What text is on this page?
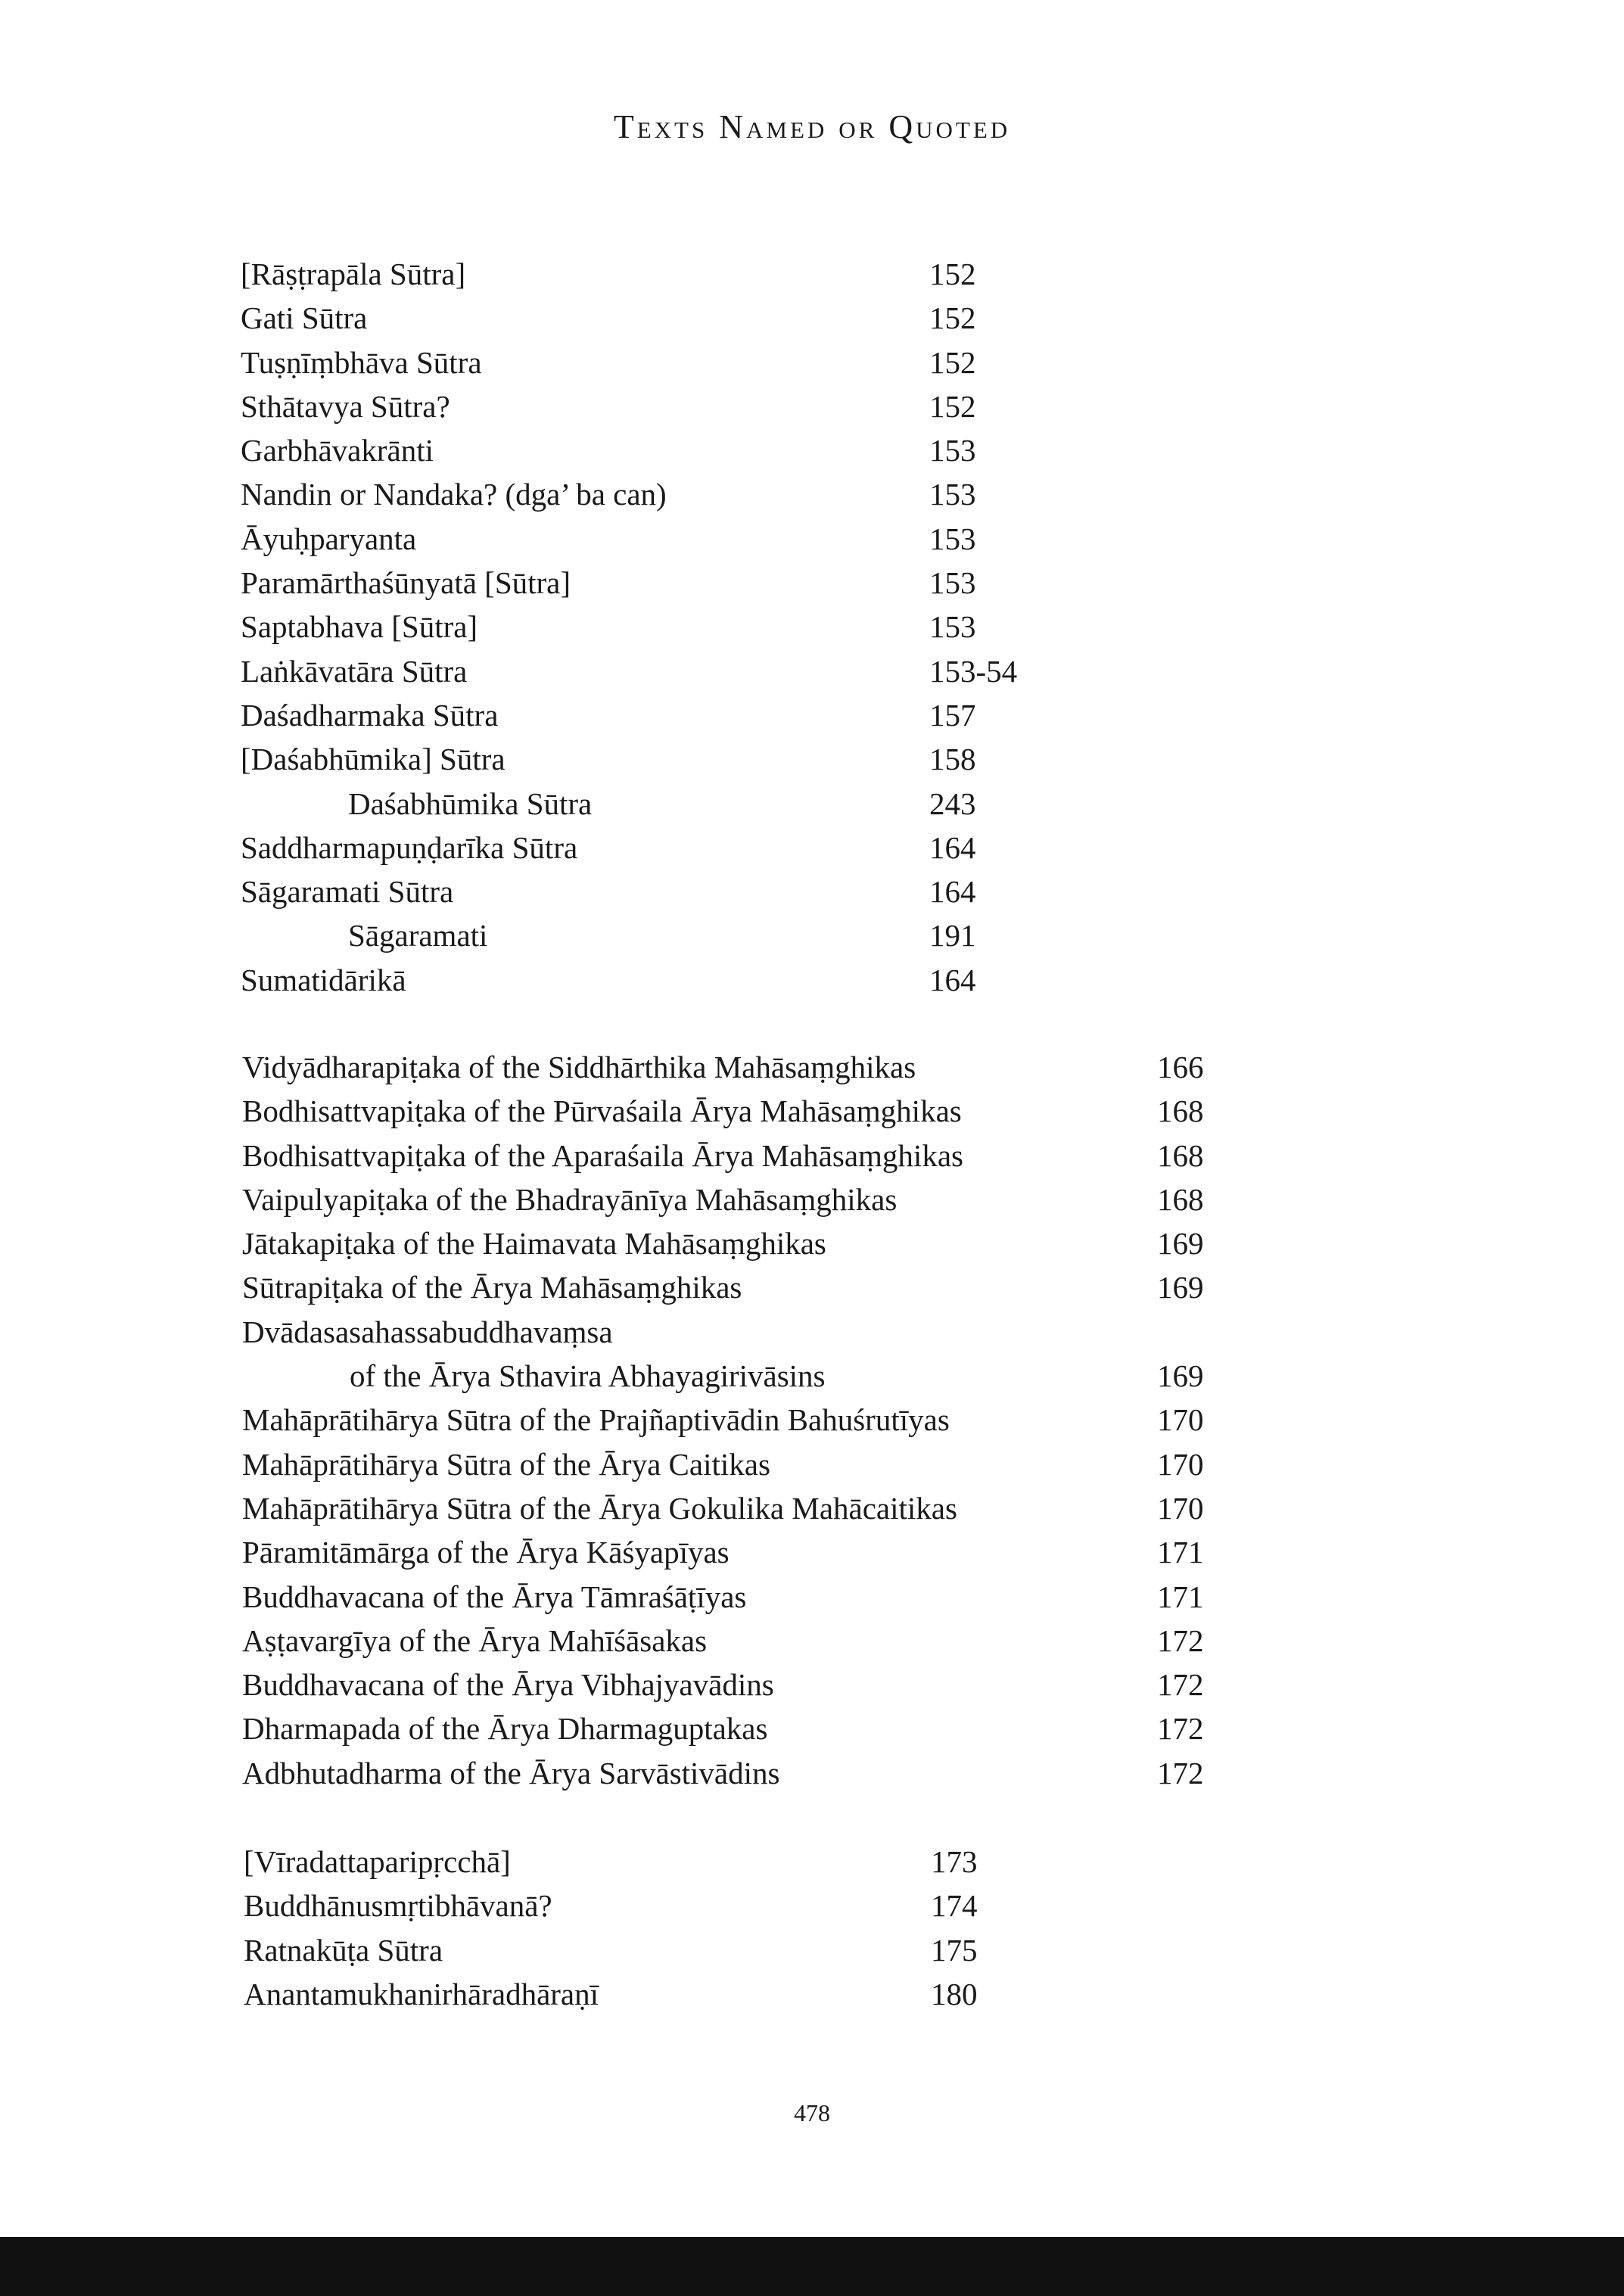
Texts Named or Quoted
[Rāṣṭrapāla Sūtra]	152
Gati Sūtra	152
Tuṣṇīṃbhāva Sūtra	152
Sthātavya Sūtra?	152
Garbhāvakrānti	153
Nandin or Nandaka? (dga’ ba can)	153
Āyuḥparyanta	153
Paramārthaśūnyatā [Sūtra]	153
Saptabhava [Sūtra]	153
Laṅkāvatāra Sūtra	153-54
Daśadharmaka Sūtra	157
[Daśabhūmika] Sūtra	158
Daśabhūmika Sūtra	243
Saddharmapuṇḍarīka Sūtra	164
Sāgaramati Sūtra	164
Sāgaramati	191
Sumatidārikā	164
Vidyādharapiṭaka of the Siddhārthika Mahāsaṃghikas	166
Bodhisattvapiṭaka of the Pūrvaśaila Ārya Mahāsaṃghikas	168
Bodhisattvapiṭaka of the Aparaśaila Ārya Mahāsaṃghikas	168
Vaipulyapiṭaka of the Bhadrayānīya Mahāsaṃghikas	168
Jātakapiṭaka of the Haimavata Mahāsaṃghikas	169
Sūtrapiṭaka of the Ārya Mahāsaṃghikas	169
Dvādasasahassabuddhavaṃsa
of the Ārya Sthavira Abhayagirivāsins	169
Mahāprātihārya Sūtra of the Prajñaptivādin Bahuśrutīyas	170
Mahāprātihārya Sūtra of the Ārya Caitikas	170
Mahāprātihārya Sūtra of the Ārya Gokulika Mahācaitikas	170
Pāramitāmārga of the Ārya Kāśyapīyas	171
Buddhavacana of the Ārya Tāmraśāṭīyas	171
Aṣṭavargīya of the Ārya Mahīśāsakas	172
Buddhavacana of the Ārya Vibhajyavādins	172
Dharmapada of the Ārya Dharmaguptakas	172
Adbhutadharma of the Ārya Sarvāstivādins	172
[Vīradattaparipṛcchā]	173
Buddhānusmṛtibhāvanā?	174
Ratnakūṭa Sūtra	175
Anantamukhanirhāradhāraṇī	180
478
